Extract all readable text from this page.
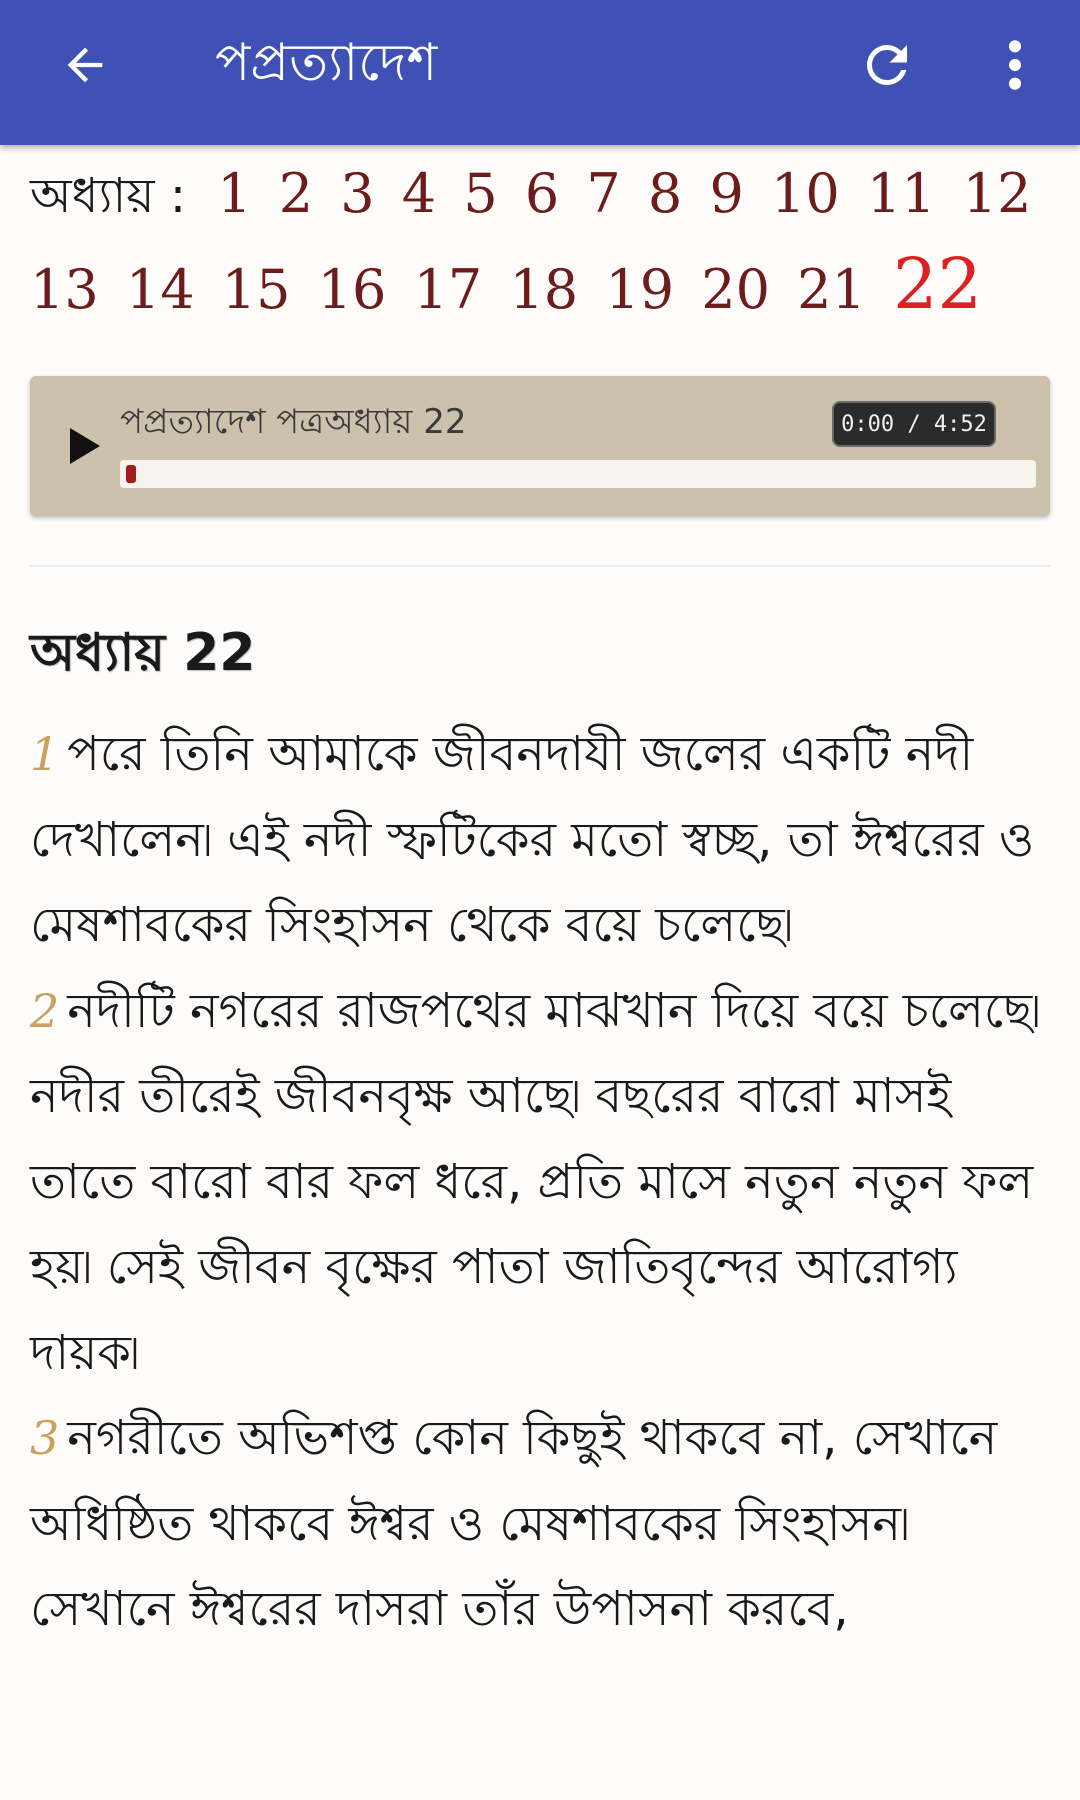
পপ্রত্যাদেশ
অধ্যায় : 1 2 3 4 5 6 7 8 9 10 11 12 13 14 15 16 17 18 19 20 21 22
পপ্রত্যাদেশ পত্রঅধ্যায় 22	0:00 / 4:52
অধ্যায় 22
1 পরে তিনি আমাকে জীবনদাযী জলের একটি নদী দেখালেন৷ এই নদী স্ফটিকের মতো স্বচ্ছ, তা ঈশ্বরের ও মেষশাবকের সিংহাসন থেকে বয়ে চলেছে৷
2 নদীটি নগরের রাজপথের মাঝখান দিয়ে বয়ে চলেছে৷ নদীর তীরেই জীবনবৃক্ষ আছে৷ বছরের বারো মাসই তাতে বারো বার ফল ধরে, প্রতি মাসে নতুন নতুন ফল হয়৷ সেই জীবন বৃক্ষের পাতা জাতিবৃন্দের আরোগ্য দায়ক৷
3 নগরীতে অভিশপ্ত কোন কিছুই থাকবে না, সেখানে অধিষ্ঠিত থাকবে ঈশ্বর ও মেষশাবকের সিংহাসন৷ সেখানে ঈশ্বরের দাসরা তাঁর উপাসনা করবে,
